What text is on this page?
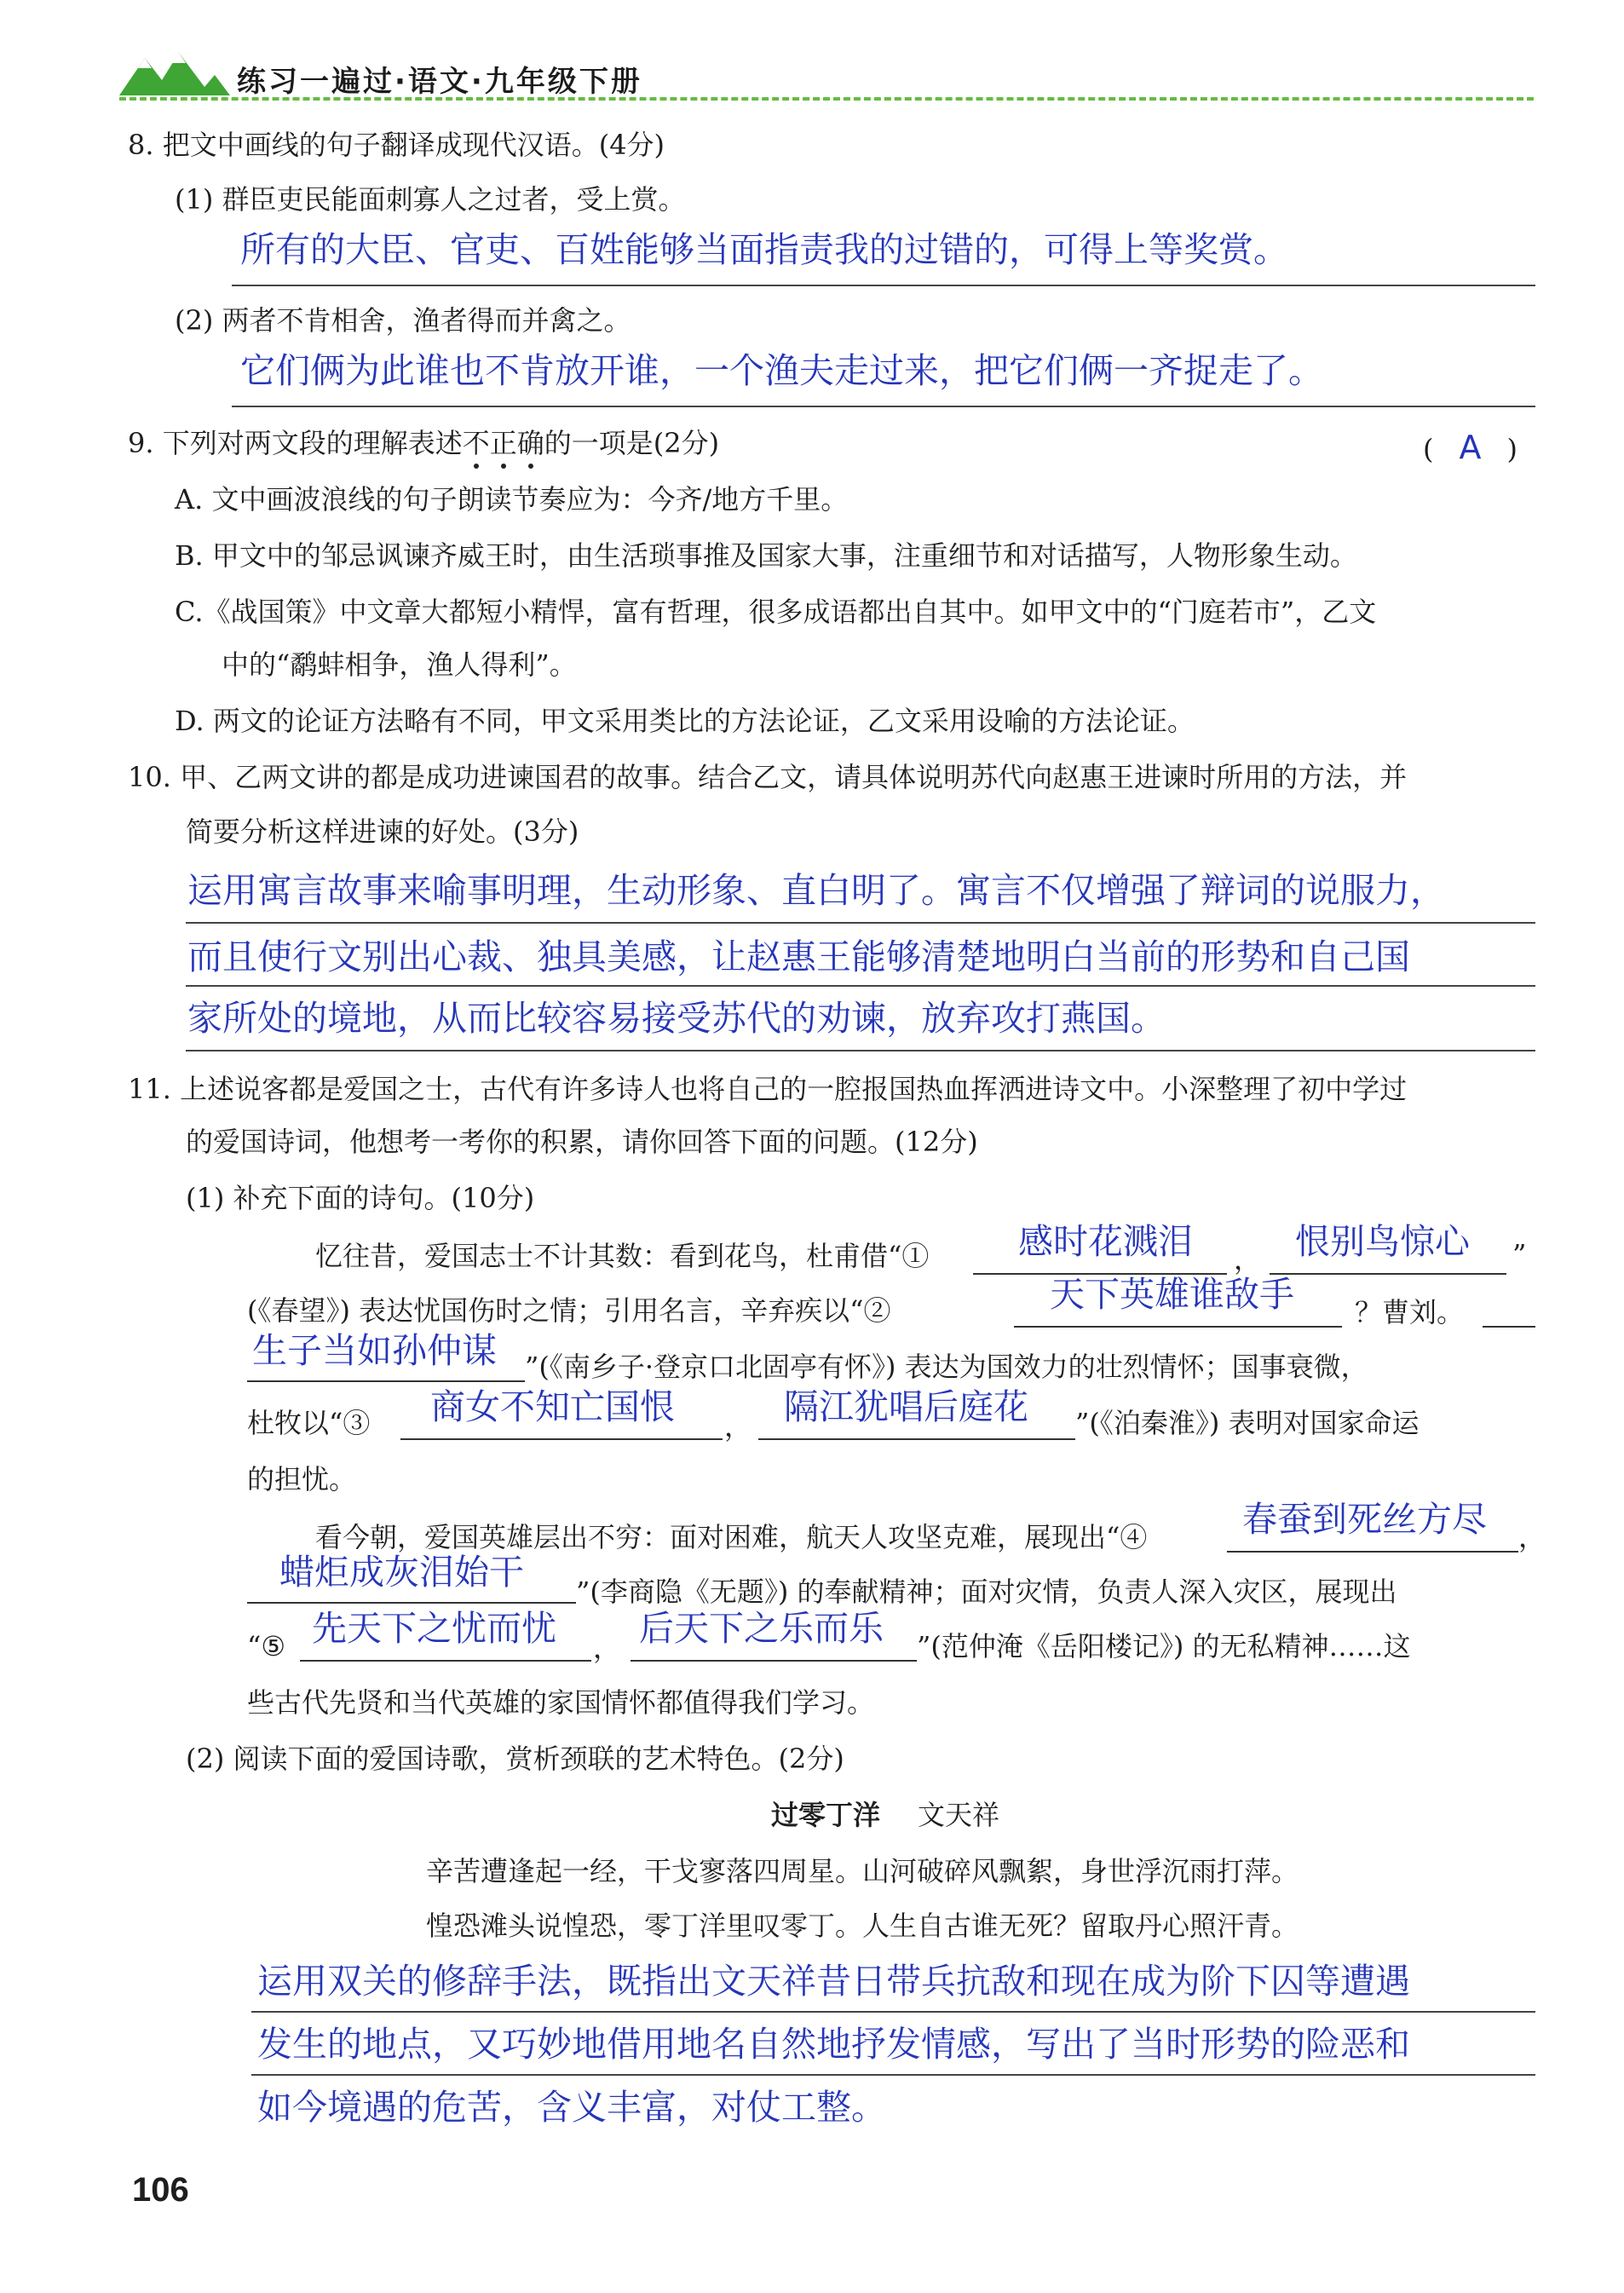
练习一遍过·语文·九年级下册
8. 把文中画线的句子翻译成现代汉语。(4分)
(1) 群臣吏民能面刺寡人之过者，受上赏。
所有的大臣、官吏、百姓能够当面指责我的过错的，可得上等奖赏。
(2) 两者不肯相舍，渔者得而并禽之。
它们俩为此谁也不肯放开谁，一个渔夫走过来，把它们俩一齐捉走了。
9. 下列对两文段的理解表述不正确的一项是(2分)	( A )
A. 文中画波浪线的句子朗读节奏应为：今齐/地方千里。
B. 甲文中的邹忌讽谏齐威王时，由生活琐事推及国家大事，注重细节和对话描写，人物形象生动。
C.《战国策》中文章大都短小精悍，富有哲理，很多成语都出自其中。如甲文中的“门庭若市”，乙文
中的“鹬蚌相争，渔人得利”。
D. 两文的论证方法略有不同，甲文采用类比的方法论证，乙文采用设喻的方法论证。
10. 甲、乙两文讲的都是成功进谏国君的故事。结合乙文，请具体说明苏代向赵惠王进谏时所用的方法，并
简要分析这样进谏的好处。(3分)
运用寓言故事来喻事明理，生动形象、直白明了。寓言不仅增强了辩词的说服力，
而且使行文别出心裁、独具美感，让赵惠王能够清楚地明白当前的形势和自己国
家所处的境地，从而比较容易接受苏代的劝谏，放弃攻打燕国。
11. 上述说客都是爱国之士，古代有许多诗人也将自己的一腔报国热血挥洒进诗文中。小深整理了初中学过
的爱国诗词，他想考一考你的积累，请你回答下面的问题。(12分)
(1) 补充下面的诗句。(10分)
忆往昔，爱国志士不计其数：看到花鸟，杜甫借“①	感时花溅泪 ， 恨别鸟惊心 ”
(《春望》) 表达忧国伤时之情；引用名言，辛弃疾以“②	天下英雄谁敌手 ？曹刘。
生子当如孙仲谋 ”(《南乡子·登京口北固亭有怀》) 表达为国效力的壮烈情怀；国事衰微，
杜牧以“③ 商女不知亡国恨 ， 隔江犹唱后庭花 ”(《泊秦淮》) 表明对国家命运
的担忧。
看今朝，爱国英雄层出不穷：面对困难，航天人攻坚克难，展现出“④	春蚕到死丝方尽 ，
蜡炬成灰泪始干 ”(李商隐《无题》) 的奉献精神；面对灾情，负责人深入灾区，展现出
“⑤ 先天下之忧而忧 ， 后天下之乐而乐 ”(范仲淹《岳阳楼记》) 的无私精神……这
些古代先贤和当代英雄的家国情怀都值得我们学习。
(2) 阅读下面的爱国诗歌，赏析颈联的艺术特色。(2分)
过零丁洋 文天祥
辛苦遭逢起一经，干戈寥落四周星。山河破碎风飘絮，身世浮沉雨打萍。
惶恐滩头说惶恐，零丁洋里叹零丁。人生自古谁无死？留取丹心照汗青。
运用双关的修辞手法，既指出文天祥昔日带兵抗敌和现在成为阶下囚等遭遇
发生的地点，又巧妙地借用地名自然地抒发情感，写出了当时形势的险恶和
如今境遇的危苦，含义丰富，对仗工整。
106
